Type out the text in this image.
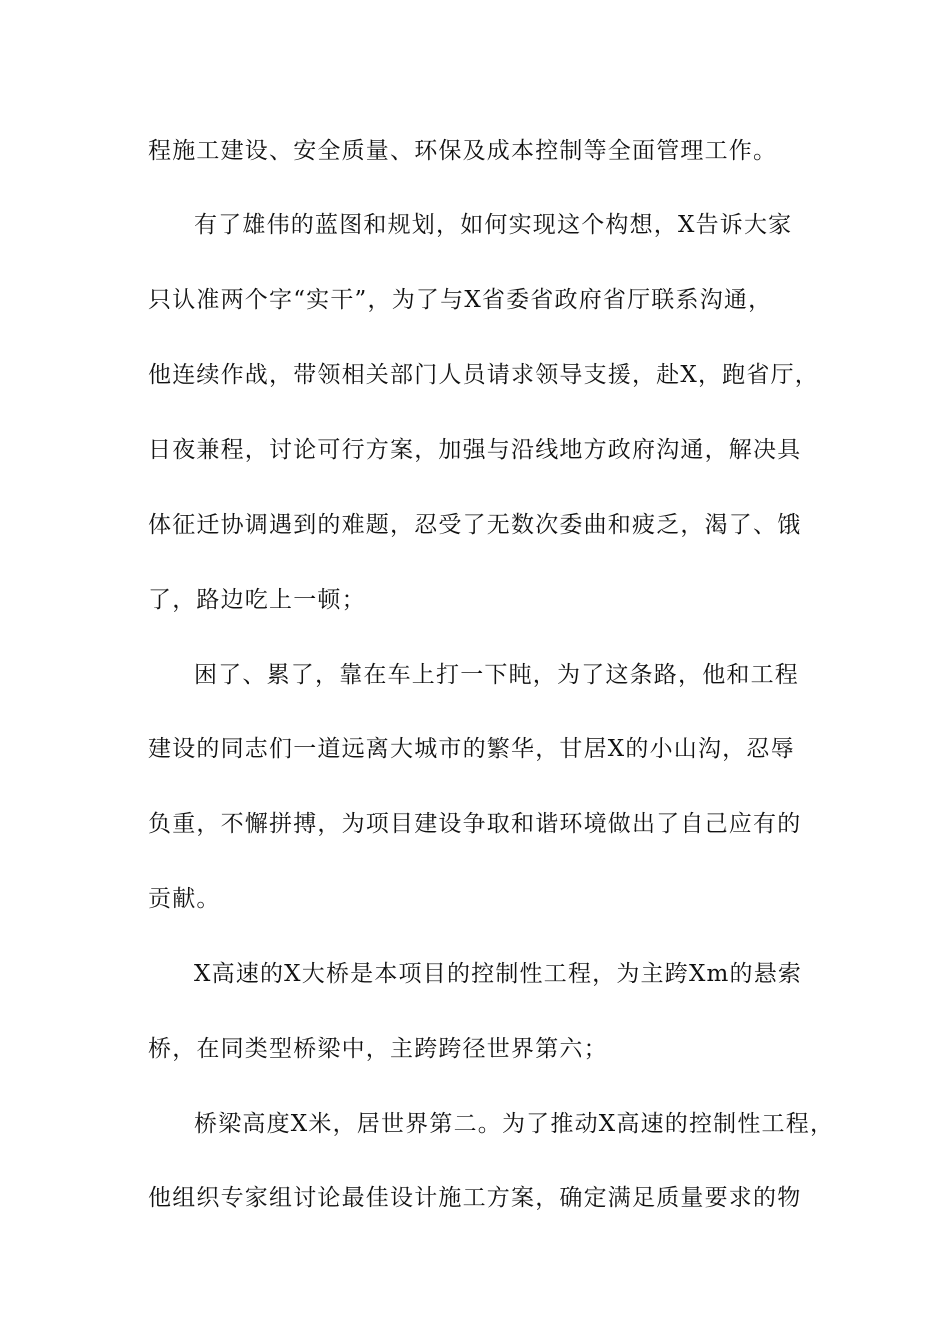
程施工建设、安全质量、环保及成本控制等全面管理工作。
有了雄伟的蓝图和规划，如何实现这个构想，X告诉大家
只认准两个字“实干”，为了与X省委省政府省厅联系沟通，
他连续作战，带领相关部门人员请求领导支援，赴X，跑省厅，
日夜兼程，讨论可行方案，加强与沿线地方政府沟通，解决具
体征迁协调遇到的难题，忍受了无数次委曲和疲乏，渴了、饿
了，路边吃上一顿；
困了、累了，靠在车上打一下盹，为了这条路，他和工程
建设的同志们一道远离大城市的繁华，甘居X的小山沟，忍辱
负重，不懈拼搏，为项目建设争取和谐环境做出了自己应有的
贡献。
X高速的X大桥是本项目的控制性工程，为主跨Xm的悬索
桥，在同类型桥梁中，主跨跨径世界第六；
桥梁高度X米，居世界第二。为了推动X高速的控制性工程，
他组织专家组讨论最佳设计施工方案，确定满足质量要求的物
